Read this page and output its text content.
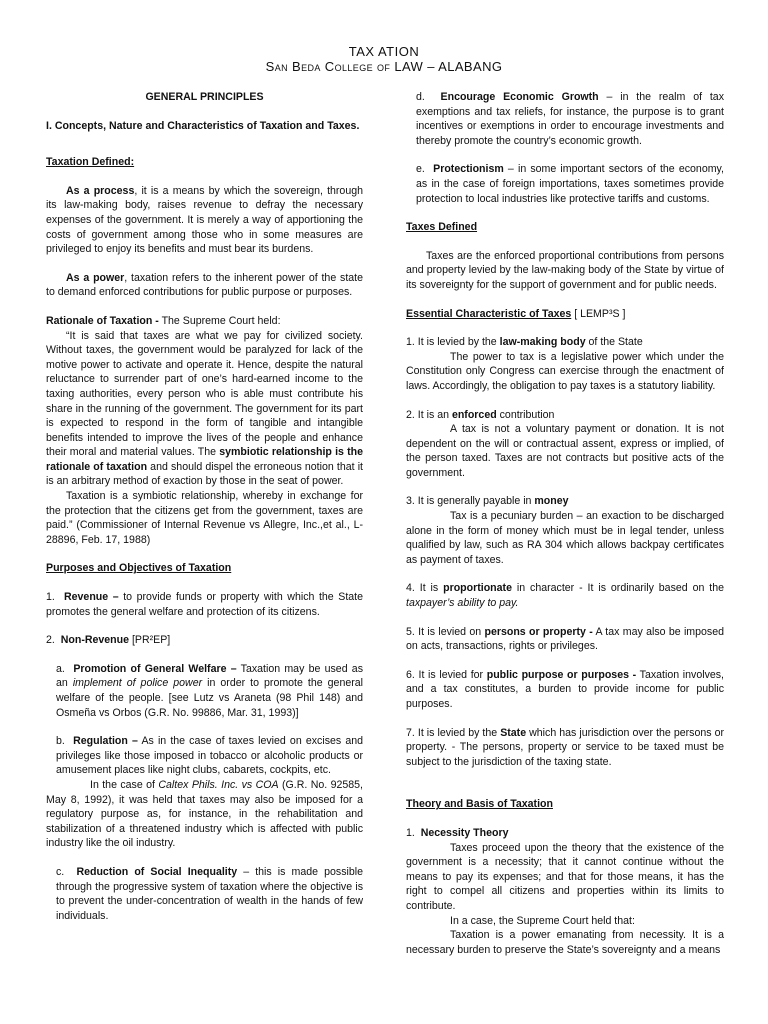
TAX ATION
San Beda College of LAW – ALABANG

GENERAL PRINCIPLES

I. Concepts, Nature and Characteristics of Taxation and Taxes.

Taxation Defined:

As a process, it is a means by which the sovereign, through its law-making body, raises revenue to defray the necessary expenses of the government. It is merely a way of apportioning the costs of government among those who in some measures are privileged to enjoy its benefits and must bear its burdens.

As a power, taxation refers to the inherent power of the state to demand enforced contributions for public purpose or purposes.

Rationale of Taxation - The Supreme Court held:

“It is said that taxes are what we pay for civilized society. Without taxes, the government would be paralyzed for lack of the motive power to activate and operate it. Hence, despite the natural reluctance to surrender part of one’s hard-earned income to the taxing authorities, every person who is able must contribute his share in the running of the government. The government for its part is expected to respond in the form of tangible and intangible benefits intended to improve the lives of the people and enhance their moral and material values. The symbiotic relationship is the rationale of taxation and should dispel the erroneous notion that it is an arbitrary method of exaction by those in the seat of power.

Taxation is a symbiotic relationship, whereby in exchange for the protection that the citizens get from the government, taxes are paid.” (Commissioner of Internal Revenue vs Allegre, Inc.,et al., L-28896, Feb. 17, 1988)

Purposes and Objectives of Taxation

1. Revenue – to provide funds or property with which the State promotes the general welfare and protection of its citizens.

2. Non-Revenue [PR²EP]

a. Promotion of General Welfare – Taxation may be used as an implement of police power in order to promote the general welfare of the people. [see Lutz vs Araneta (98 Phil 148) and Osmeña vs Orbos (G.R. No. 99886, Mar. 31, 1993)]

b. Regulation – As in the case of taxes levied on excises and privileges like those imposed in tobacco or alcoholic products or amusement places like night clubs, cabarets, cockpits, etc.

In the case of Caltex Phils. Inc. vs COA (G.R. No. 92585, May 8, 1992), it was held that taxes may also be imposed for a regulatory purpose as, for instance, in the rehabilitation and stabilization of a threatened industry which is affected with public industry like the oil industry.

c. Reduction of Social Inequality – this is made possible through the progressive system of taxation where the objective is to prevent the under-concentration of wealth in the hands of few individuals.

d. Encourage Economic Growth – in the realm of tax exemptions and tax reliefs, for instance, the purpose is to grant incentives or exemptions in order to encourage investments and thereby promote the country’s economic growth.

e. Protectionism – in some important sectors of the economy, as in the case of foreign importations, taxes sometimes provide protection to local industries like protective tariffs and customs.

Taxes Defined

Taxes are the enforced proportional contributions from persons and property levied by the law-making body of the State by virtue of its sovereignty for the support of government and for public needs.

Essential Characteristic of Taxes [ LEMP³S ]

1. It is levied by the law-making body of the State

The power to tax is a legislative power which under the Constitution only Congress can exercise through the enactment of laws. Accordingly, the obligation to pay taxes is a statutory liability.

2. It is an enforced contribution

A tax is not a voluntary payment or donation. It is not dependent on the will or contractual assent, express or implied, of the person taxed. Taxes are not contracts but positive acts of the government.

3. It is generally payable in money

Tax is a pecuniary burden – an exaction to be discharged alone in the form of money which must be in legal tender, unless qualified by law, such as RA 304 which allows backpay certificates as payment of taxes.

4. It is proportionate in character - It is ordinarily based on the taxpayer’s ability to pay.

5. It is levied on persons or property - A tax may also be imposed on acts, transactions, rights or privileges.

6. It is levied for public purpose or purposes - Taxation involves, and a tax constitutes, a burden to provide income for public purposes.

7. It is levied by the State which has jurisdiction over the persons or property. - The persons, property or service to be taxed must be subject to the jurisdiction of the taxing state.

Theory and Basis of Taxation

1. Necessity Theory

Taxes proceed upon the theory that the existence of the government is a necessity; that it cannot continue without the means to pay its expenses; and that for those means, it has the right to compel all citizens and properties within its limits to contribute.

In a case, the Supreme Court held that:

Taxation is a power emanating from necessity. It is a necessary burden to preserve the State’s sovereignty and a means
